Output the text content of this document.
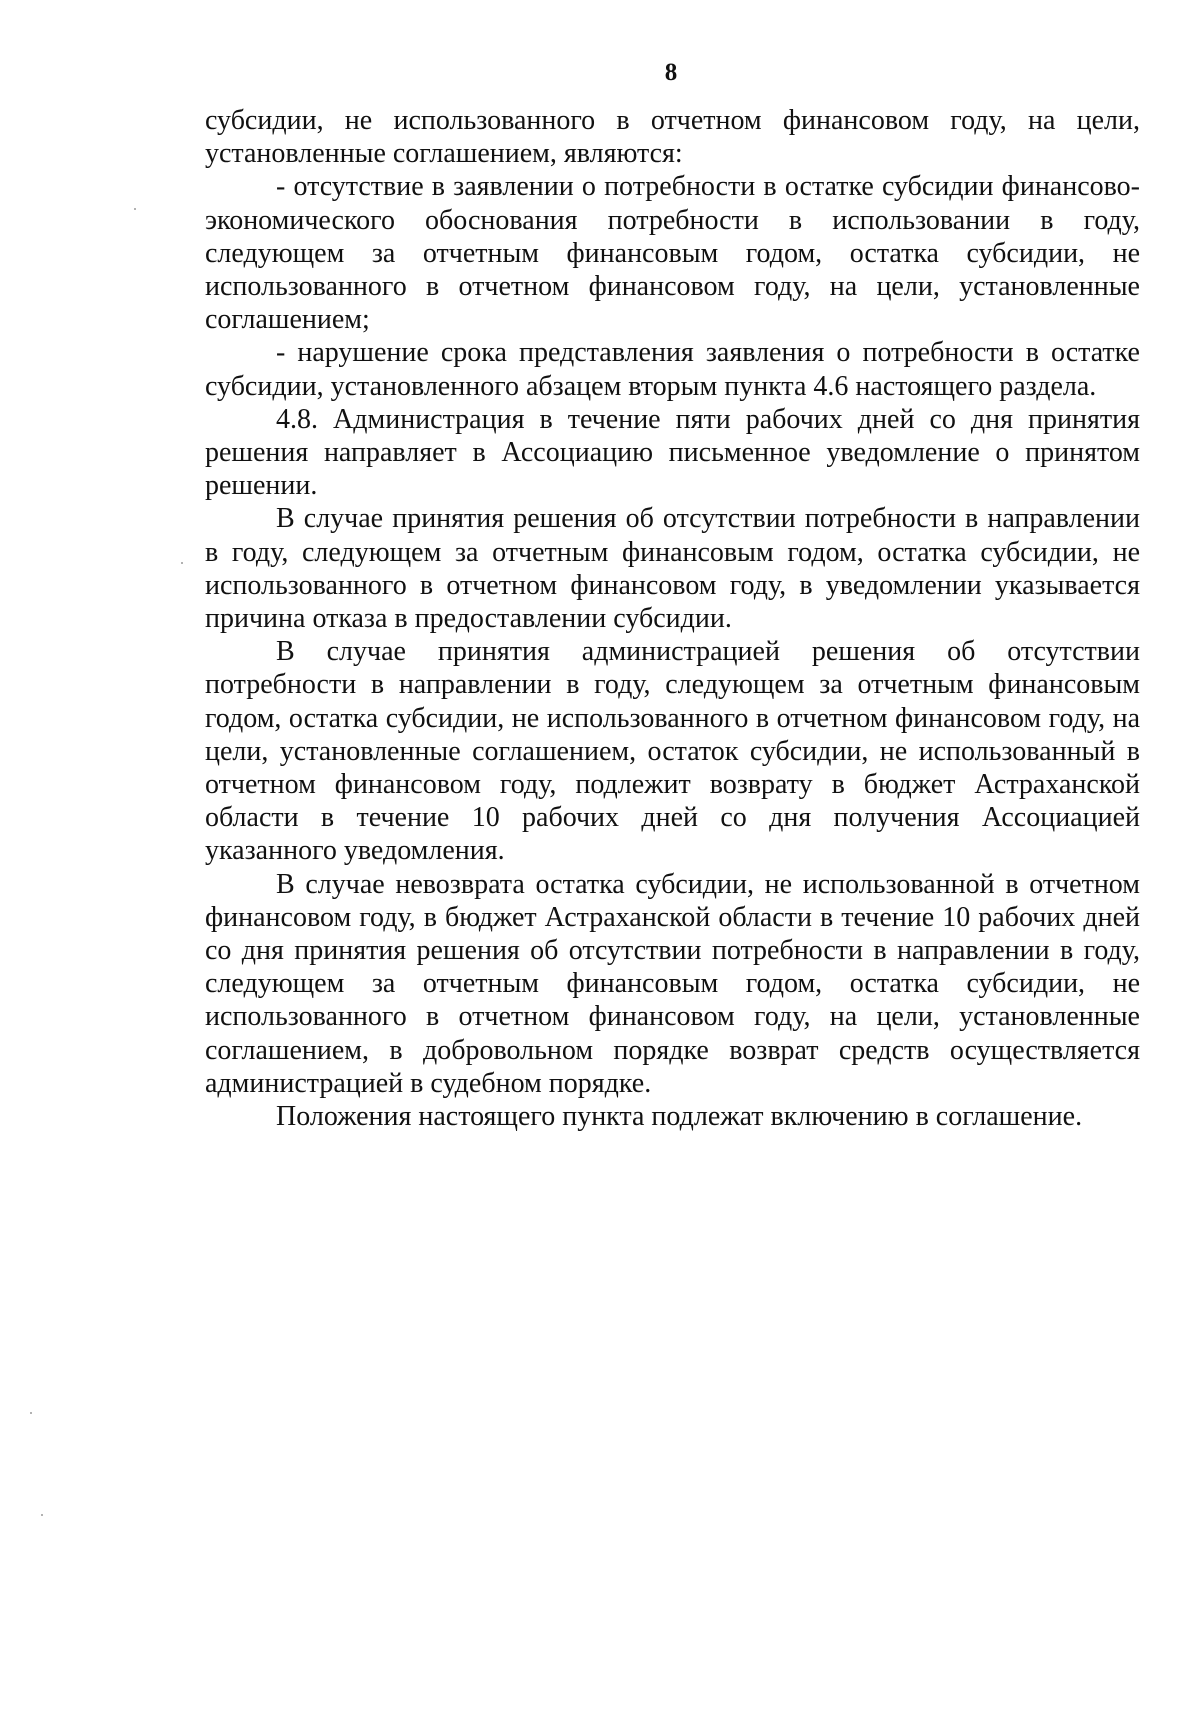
8

субсидии, не использованного в отчетном финансовом году, на цели, установленные соглашением, являются:

- отсутствие в заявлении о потребности в остатке субсидии финансово-экономического обоснования потребности в использовании в году, следующем за отчетным финансовым годом, остатка субсидии, не использованного в отчетном финансовом году, на цели, установленные соглашением;

- нарушение срока представления заявления о потребности в остатке субсидии, установленного абзацем вторым пункта 4.6 настоящего раздела.

4.8. Администрация в течение пяти рабочих дней со дня принятия решения направляет в Ассоциацию письменное уведомление о принятом решении.

В случае принятия решения об отсутствии потребности в направлении в году, следующем за отчетным финансовым годом, остатка субсидии, не использованного в отчетном финансовом году, в уведомлении указывается причина отказа в предоставлении субсидии.

В случае принятия администрацией решения об отсутствии потребности в направлении в году, следующем за отчетным финансовым годом, остатка субсидии, не использованного в отчетном финансовом году, на цели, установленные соглашением, остаток субсидии, не использованный в отчетном финансовом году, подлежит возврату в бюджет Астраханской области в течение 10 рабочих дней со дня получения Ассоциацией указанного уведомления.

В случае невозврата остатка субсидии, не использованной в отчетном финансовом году, в бюджет Астраханской области в течение 10 рабочих дней со дня принятия решения об отсутствии потребности в направлении в году, следующем за отчетным финансовым годом, остатка субсидии, не использованного в отчетном финансовом году, на цели, установленные соглашением, в добровольном порядке возврат средств осуществляется администрацией в судебном порядке.

Положения настоящего пункта подлежат включению в соглашение.
